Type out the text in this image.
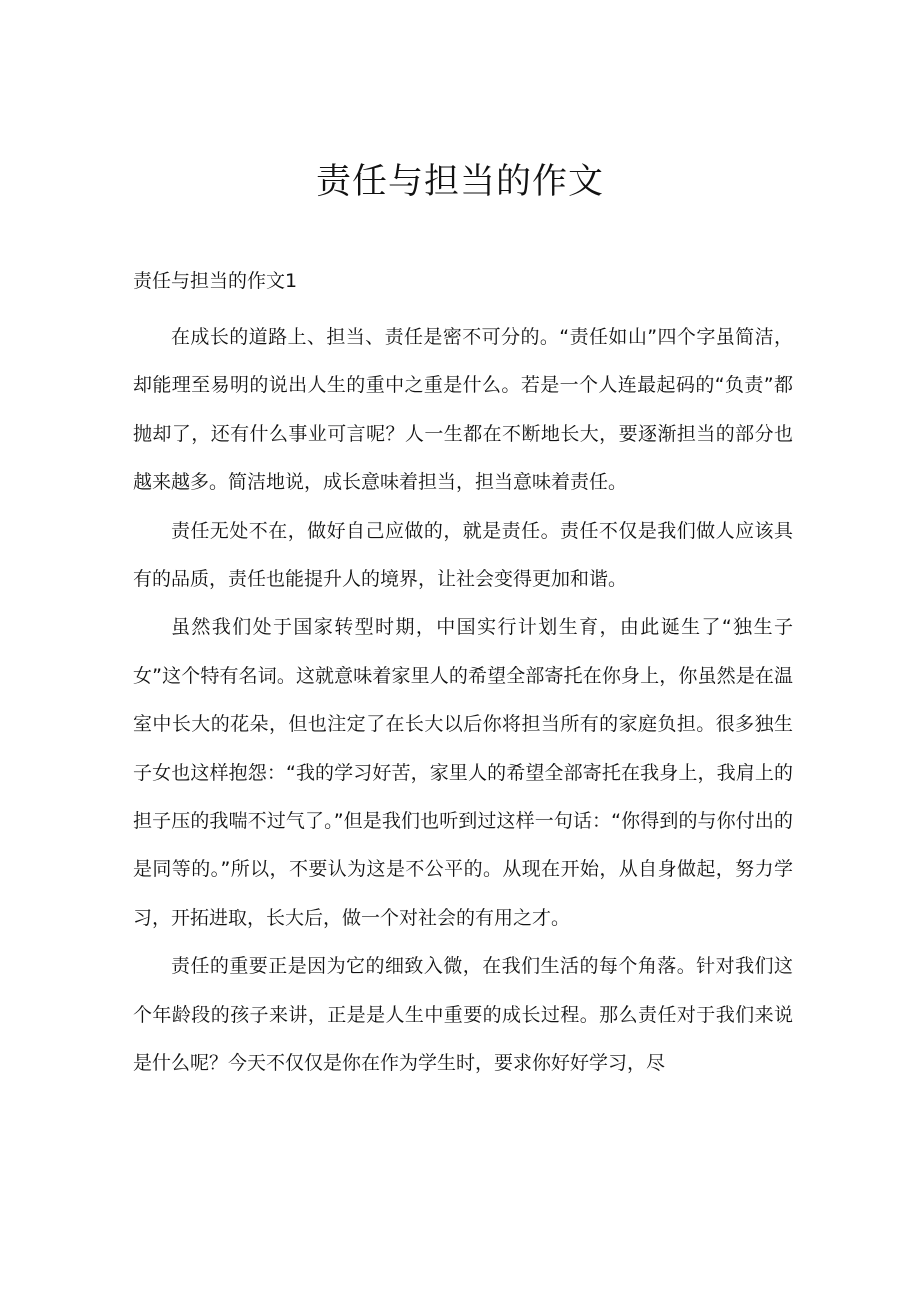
责任与担当的作文
责任与担当的作文1

在成长的道路上、担当、责任是密不可分的。“责任如山”四个字虽简洁，却能理至易明的说出人生的重中之重是什么。若是一个人连最起码的“负责”都抛却了，还有什么事业可言呢？人一生都在不断地长大，要逐渐担当的部分也越来越多。简洁地说，成长意味着担当，担当意味着责任。

责任无处不在，做好自己应做的，就是责任。责任不仅是我们做人应该具有的品质，责任也能提升人的境界，让社会变得更加和谐。

虽然我们处于国家转型时期，中国实行计划生育，由此诞生了“独生子女”这个特有名词。这就意味着家里人的希望全部寄托在你身上，你虽然是在温室中长大的花朵，但也注定了在长大以后你将担当所有的家庭负担。很多独生子女也这样抱怨：“我的学习好苦，家里人的希望全部寄托在我身上，我肩上的担子压的我喘不过气了。”但是我们也听到过这样一句话：“你得到的与你付出的是同等的。”所以，不要认为这是不公平的。从现在开始，从自身做起，努力学习，开拓进取，长大后，做一个对社会的有用之才。

责任的重要正是因为它的细致入微，在我们生活的每个角落。针对我们这个年龄段的孩子来讲，正是是人生中重要的成长过程。那么责任对于我们来说是什么呢？今天不仅仅是你在作为学生时，要求你好好学习，尽
